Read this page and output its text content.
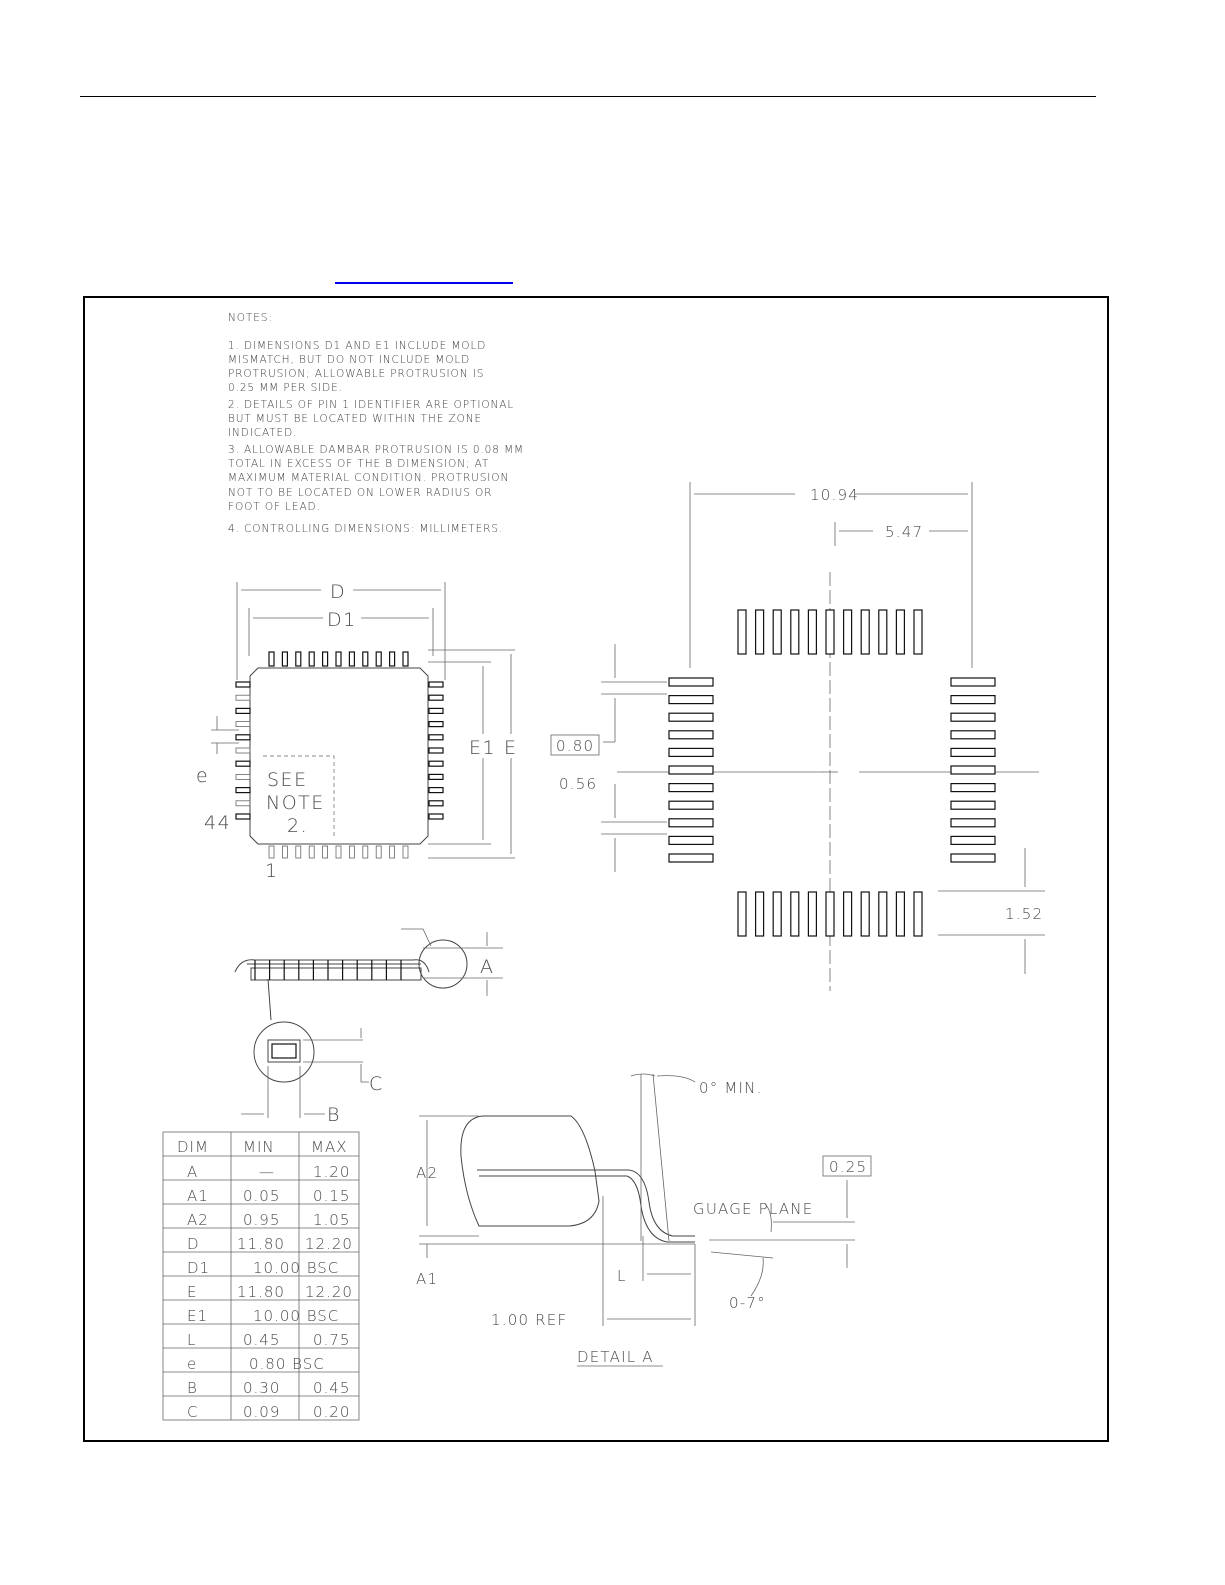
NOTES:
1. DIMENSIONS D1 AND E1 INCLUDE MOLD
MISMATCH, BUT DO NOT INCLUDE MOLD
PROTRUSION; ALLOWABLE PROTRUSION IS
0.25 MM PER SIDE.
2. DETAILS OF PIN 1 IDENTIFIER ARE OPTIONAL
BUT MUST BE LOCATED WITHIN THE ZONE
INDICATED.
3. ALLOWABLE DAMBAR PROTRUSION IS 0.08 MM
TOTAL IN EXCESS OF THE B DIMENSION; AT
MAXIMUM MATERIAL CONDITION. PROTRUSION
NOT TO BE LOCATED ON LOWER RADIUS OR
FOOT OF LEAD.
4. CONTROLLING DIMENSIONS: MILLIMETERS.
D
D1
SEE
NOTE
2.
E1 E
e
44
1
A
C
B
10.94
5.47
0.80
0.56
1.52
A2
A1
0° MIN.
0.25
GUAGE PLANE
0-7°
L
1.00 REF
DETAIL A
DIM MIN MAX
A	—	1.20
A1 0.05 0.15
A2 0.95 1.05
D 11.80 12.20
D1	10.00 BSC
E	11.80 12.20
E1	10.00 BSC
L	0.45 0.75
e	0.80 BSC
B	0.30 0.45
C	0.09 0.20
